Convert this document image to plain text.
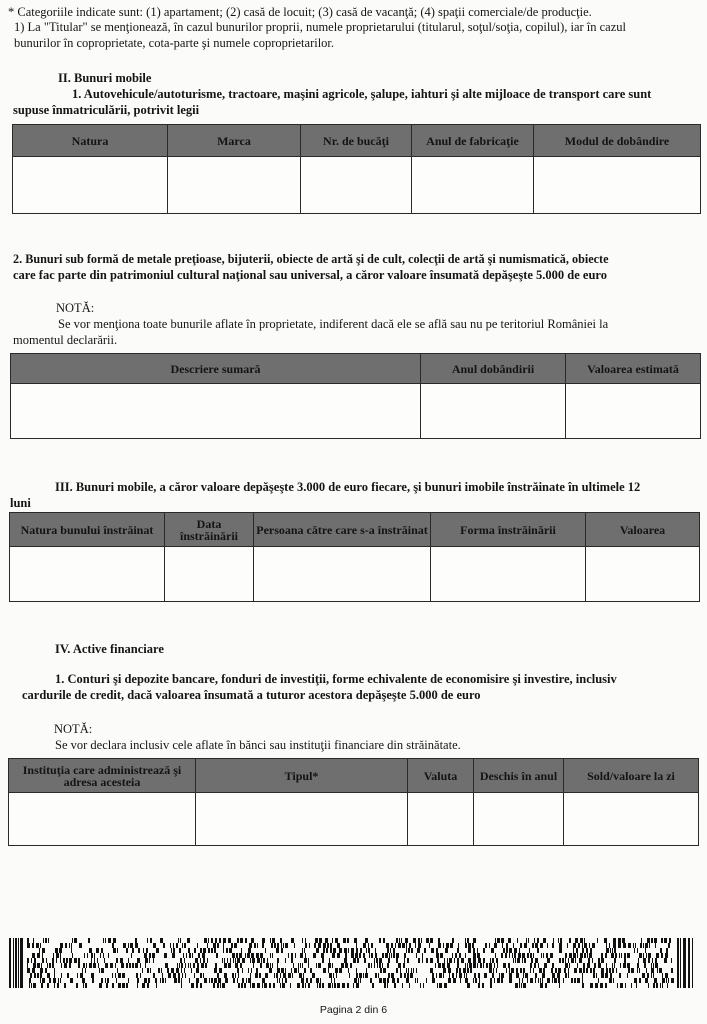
* Categoriile indicate sunt: (1) apartament; (2) casă de locuit; (3) casă de vacanţă; (4) spaţii comerciale/de producţie.
1) La "Titular" se menţionează, în cazul bunurilor proprii, numele proprietarului (titularul, soţul/soţia, copilul), iar în cazul
bunurilor în coproprietate, cota-parte şi numele coproprietarilor.
II. Bunuri mobile
1. Autovehicule/autoturisme, tractoare, maşini agricole, şalupe, iahturi şi alte mijloace de transport care sunt
supuse înmatriculării, potrivit legii
Natura	Marca	Nr. de bucăţi	Anul de fabricaţie	Modul de dobândire

2. Bunuri sub formă de metale preţioase, bijuterii, obiecte de artă şi de cult, colecţii de artă şi numismatică, obiecte
care fac parte din patrimoniul cultural naţional sau universal, a căror valoare însumată depăşeşte 5.000 de euro
NOTĂ:
Se vor menţiona toate bunurile aflate în proprietate, indiferent dacă ele se află sau nu pe teritoriul României la
momentul declarării.
Descriere sumară	Anul dobândirii	Valoarea estimată

III. Bunuri mobile, a căror valoare depăşeşte 3.000 de euro fiecare, şi bunuri imobile înstrăinate în ultimele 12
luni
Natura bunului înstrăinat	Data înstrăinării	Persoana către care s-a înstrăinat	Forma înstrăinării	Valoarea

IV. Active financiare
1. Conturi şi depozite bancare, fonduri de investiţii, forme echivalente de economisire şi investire, inclusiv
cardurile de credit, dacă valoarea însumată a tuturor acestora depăşeşte 5.000 de euro
NOTĂ:
Se vor declara inclusiv cele aflate în bănci sau instituţii financiare din străinătate.
Instituţia care administrează şi adresa acesteia	Tipul*	Valuta	Deschis în anul	Sold/valoare la zi

Pagina 2 din 6
